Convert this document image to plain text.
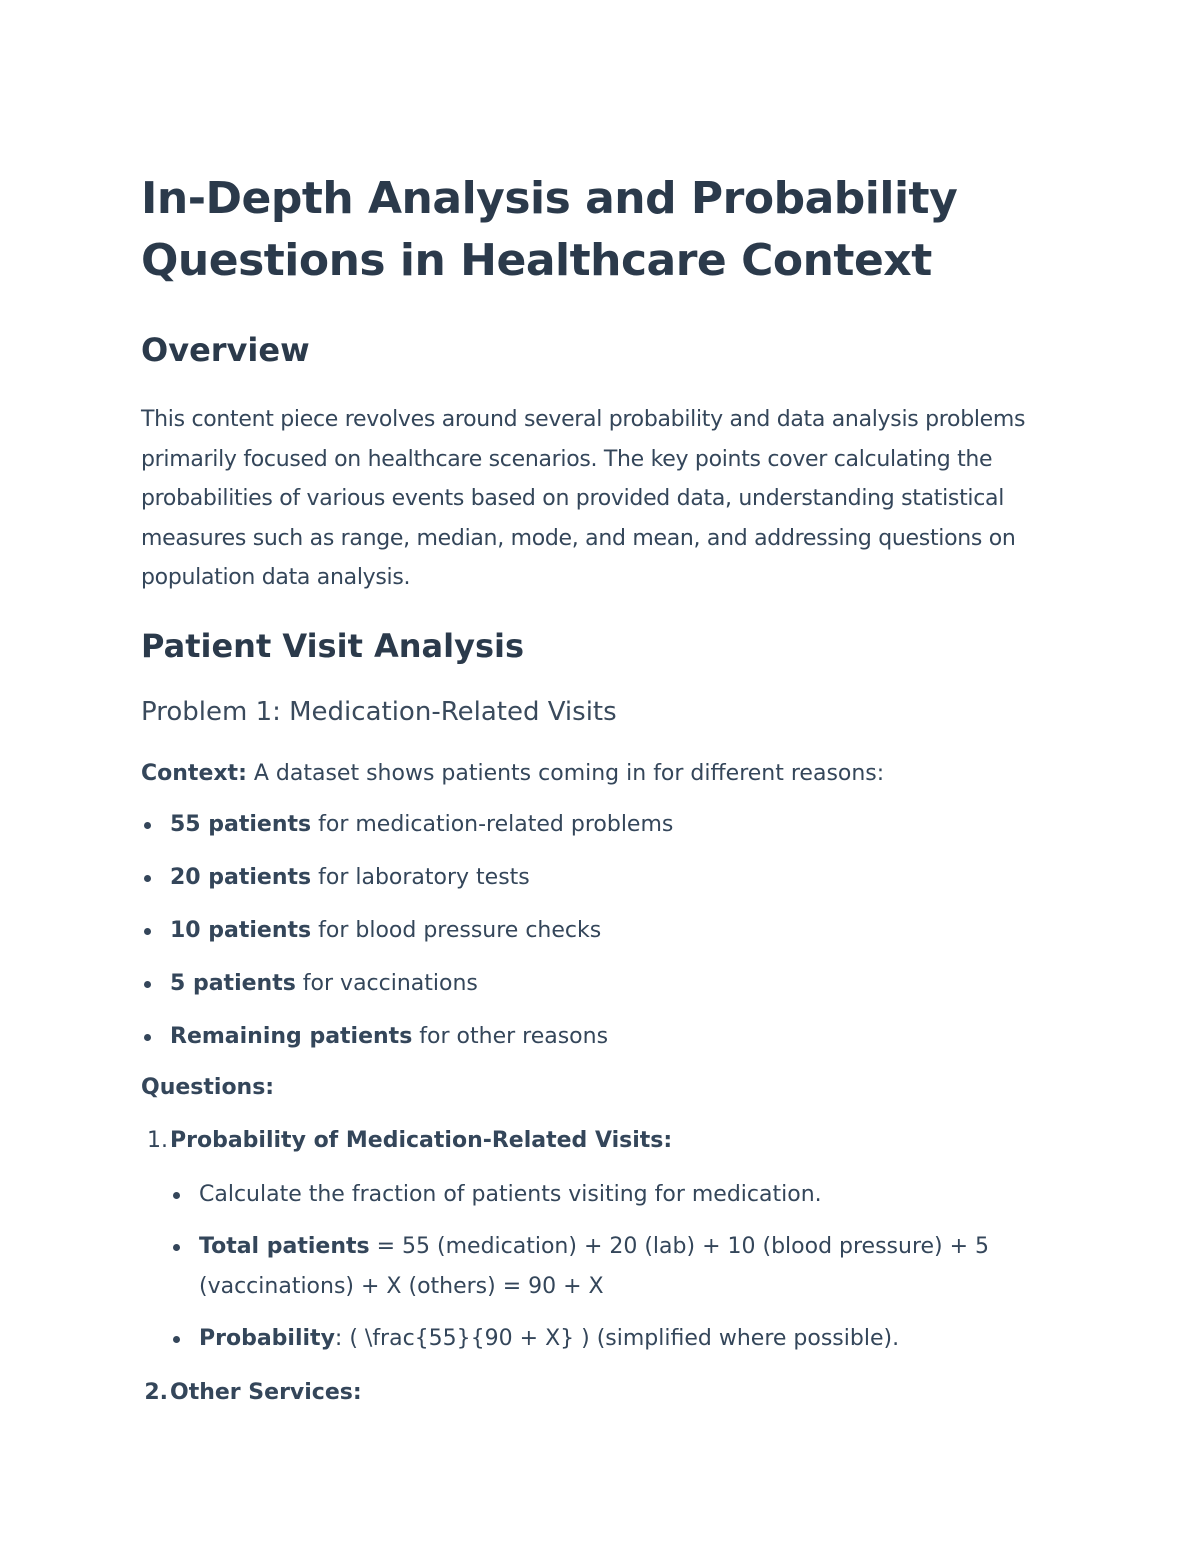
In-Depth Analysis and Probability Questions in Healthcare Context
Overview

This content piece revolves around several probability and data analysis problems primarily focused on healthcare scenarios. The key points cover calculating the probabilities of various events based on provided data, understanding statistical measures such as range, median, mode, and mean, and addressing questions on population data analysis.

Patient Visit Analysis
Problem 1: Medication-Related Visits

Context: A dataset shows patients coming in for different reasons:

55 patients for medication-related problems
20 patients for laboratory tests
10 patients for blood pressure checks
5 patients for vaccinations
Remaining patients for other reasons
Questions:
1. Probability of Medication-Related Visits:
Calculate the fraction of patients visiting for medication.
Total patients = 55 (medication) + 20 (lab) + 10 (blood pressure) + 5 (vaccinations) + X (others) = 90 + X
Probability: ( \frac{55}{90 + X} ) (simplified where possible).
2. Other Services:
